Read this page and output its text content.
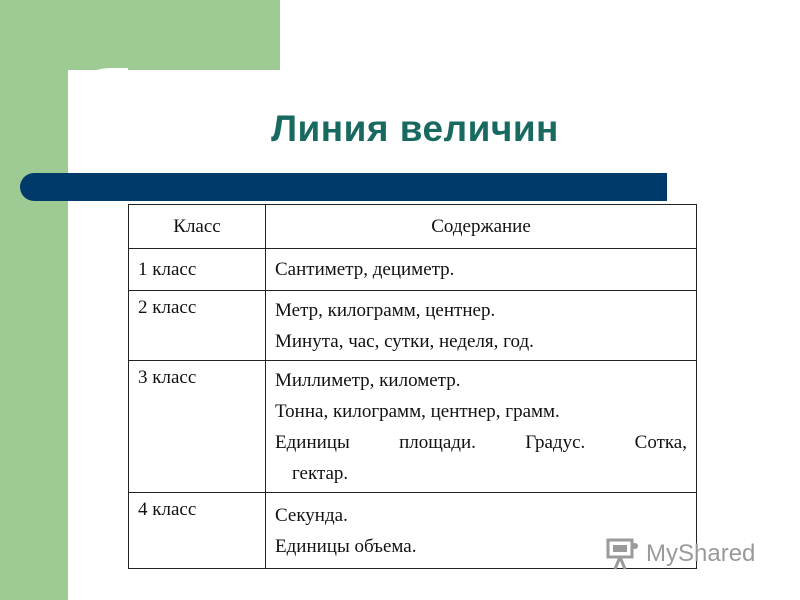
Линия величин
Класс	Содержание
1 класс	Сантиметр, дециметр.

2 класс	Метр, килограмм, центнер.
Минута, час, сутки, неделя, год.

3 класс	Миллиметр, километр.
Тонна, килограмм, центнер, грамм.
Единицы площади. Градус. Сотка,
гектар.

4 класс	Секунда.
Единицы объема.	MyShared
